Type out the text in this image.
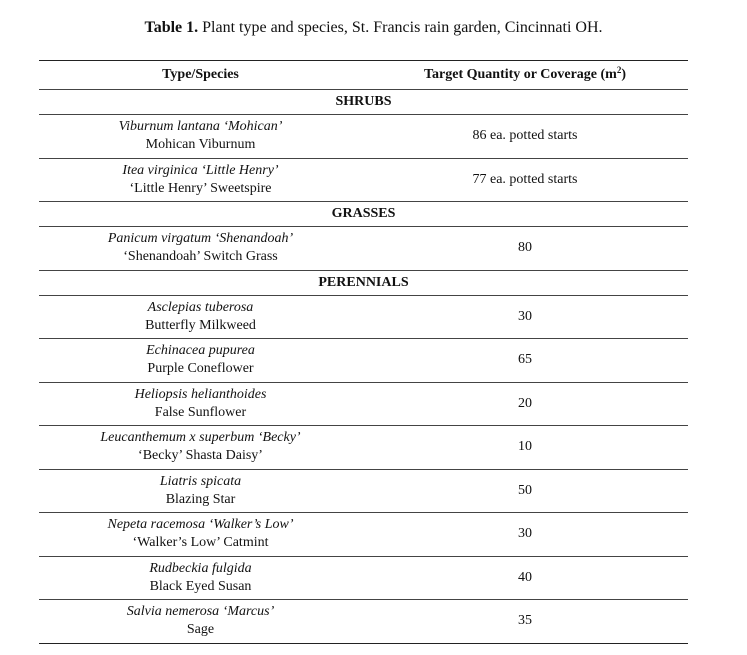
Table 1. Plant type and species, St. Francis rain garden, Cincinnati OH.
Type/Species	Target Quantity or Coverage $(m^2)$
SHRUBS
Viburnum lantana ‘Mohican’
Mohican Viburnum
86 ea. potted starts
Itea virginica ‘Little Henry’
‘Little Henry’ Sweetspire
77 ea. potted starts
GRASSES
Panicum virgatum ‘Shenandoah’
‘Shenandoah’ Switch Grass
80
PERENNIALS
Asclepias tuberosa
Butterfly Milkweed
30
Echinacea pupurea
Purple Coneflower
65
Heliopsis helianthoides
False Sunflower
20
Leucanthemum x superbum ‘Becky’
‘Becky’ Shasta Daisy’
10
Liatris spicata
Blazing Star
50
Nepeta racemosa ‘Walker’s Low’
‘Walker’s Low’ Catmint
30
Rudbeckia fulgida
Black Eyed Susan
40
Salvia nemerosa ‘Marcus’
Sage
35
